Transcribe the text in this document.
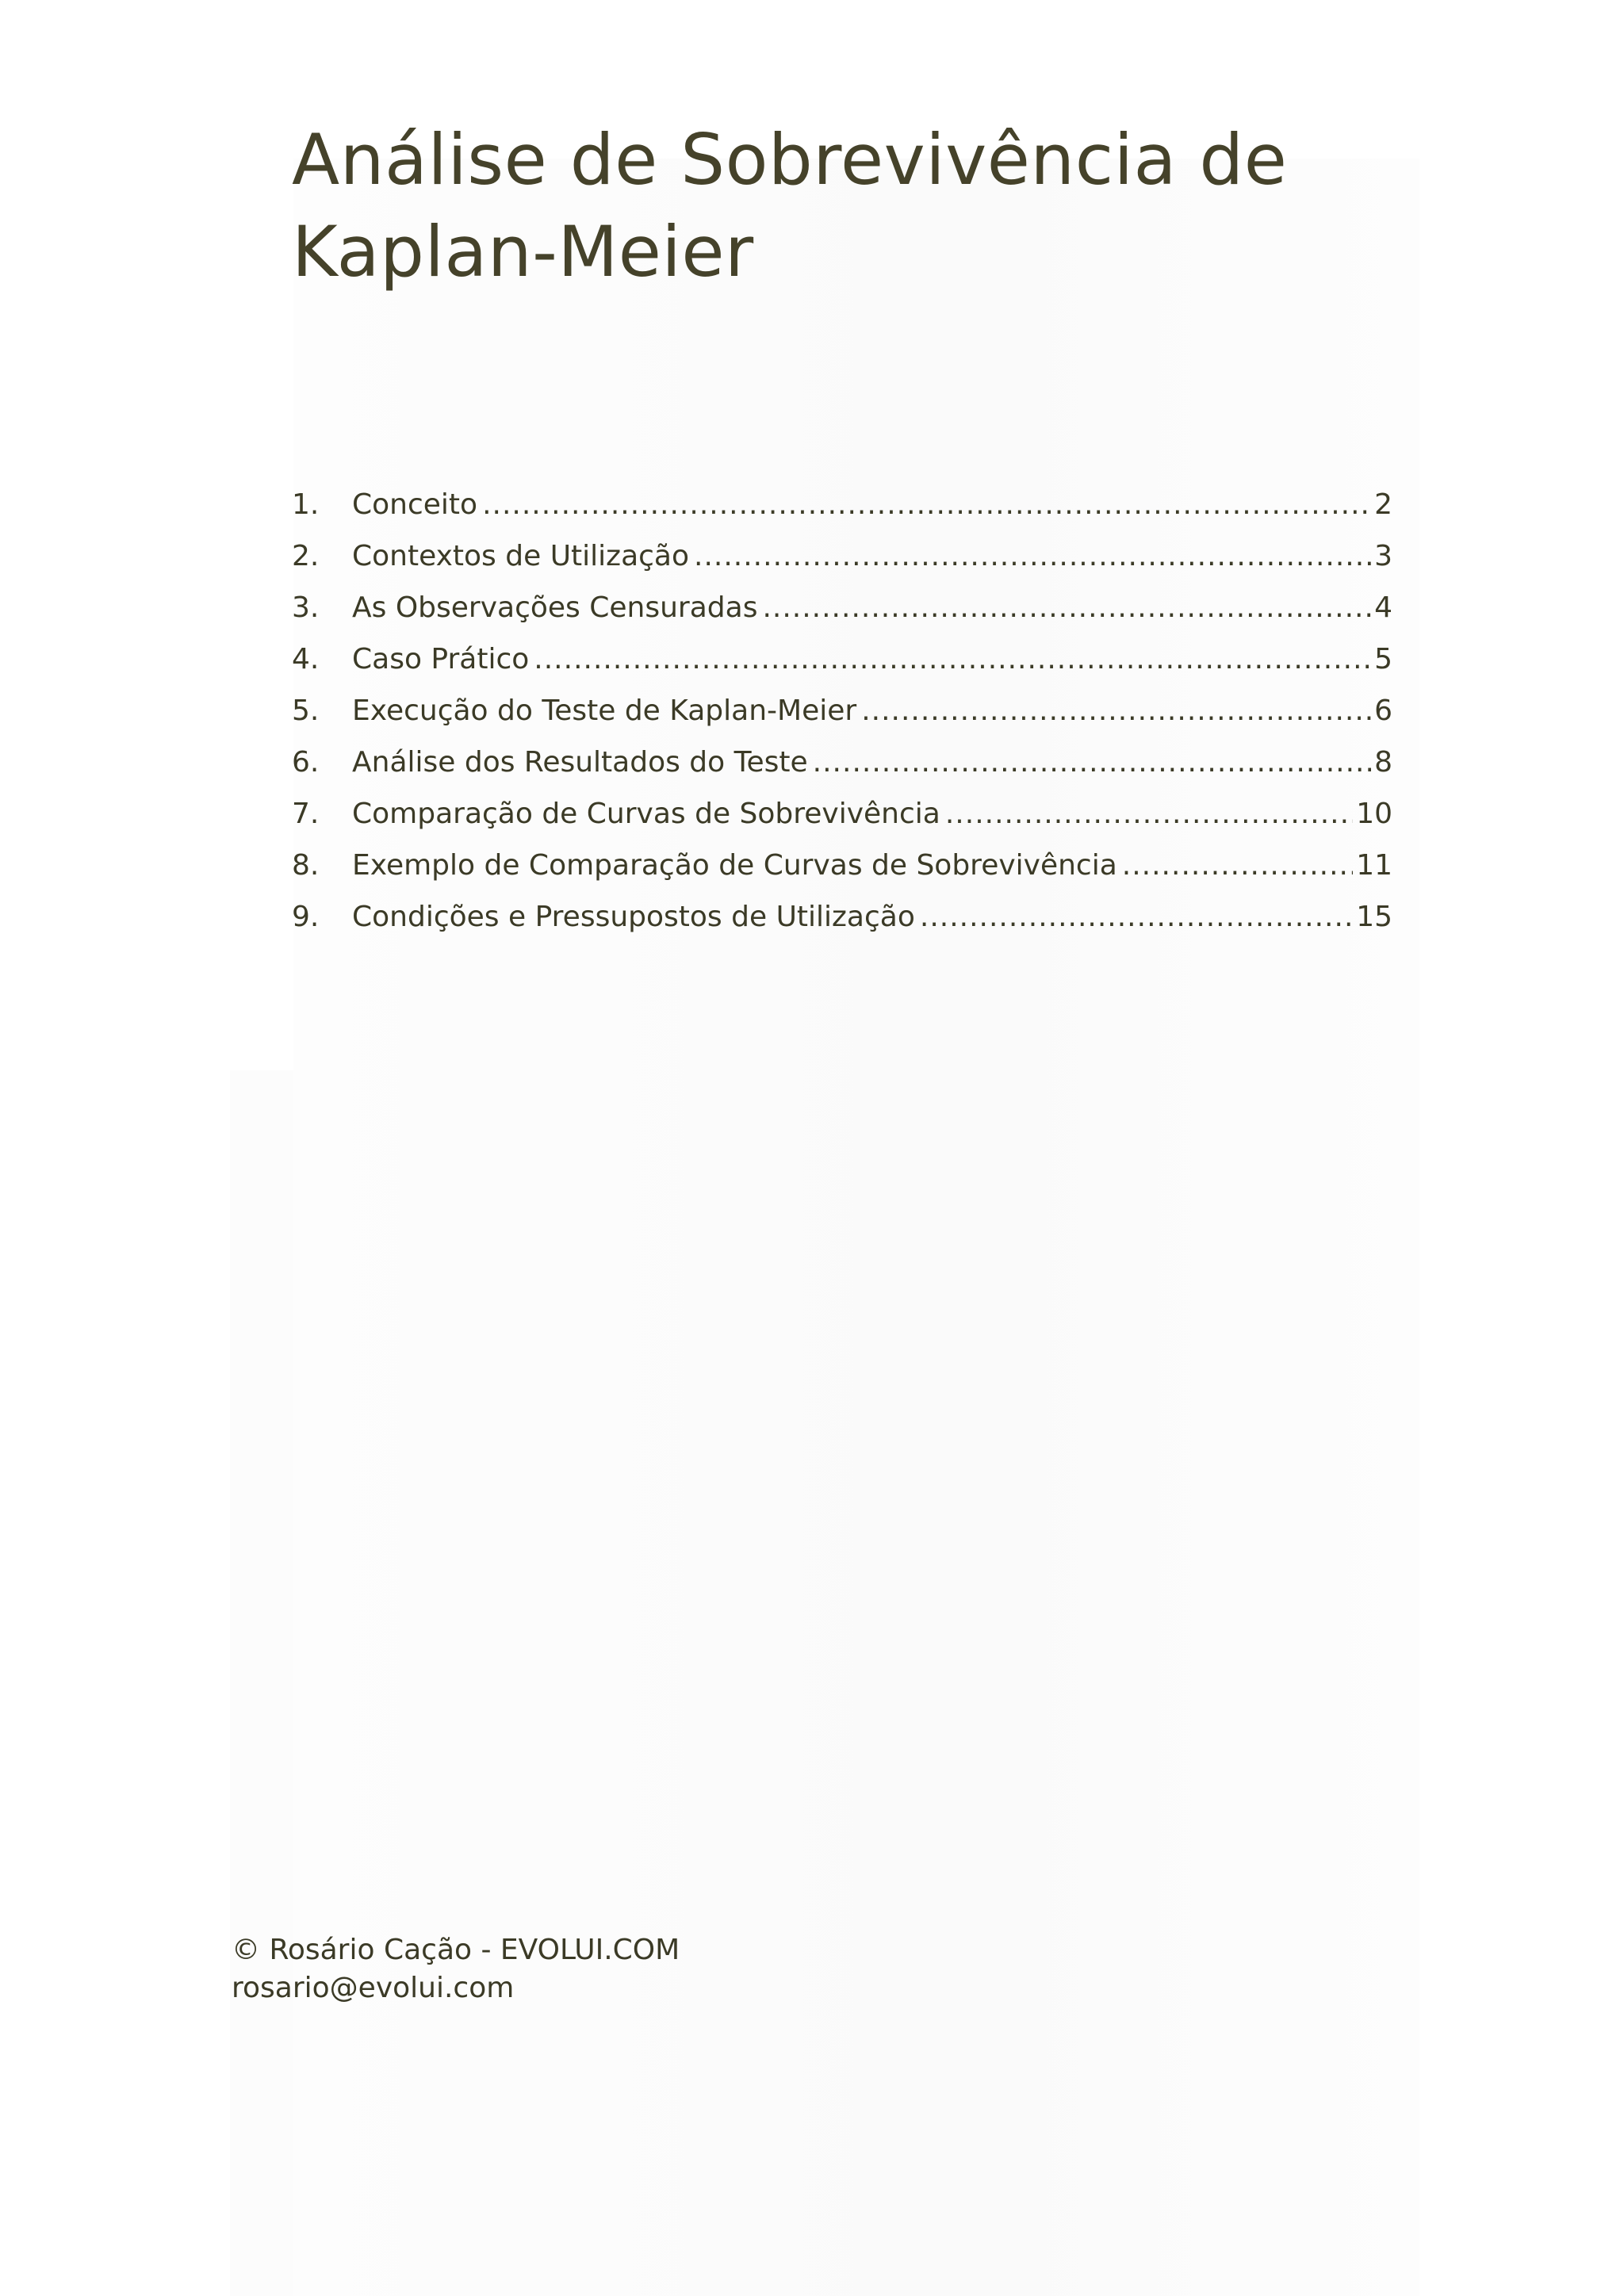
Análise de Sobrevivência de Kaplan-Meier
1.	Conceito .....	2
2.	Contextos de Utilização .....	3
3.	As Observações Censuradas .....	4
4.	Caso Prático .....	5
5.	Execução do Teste de Kaplan-Meier .....	6
6.	Análise dos Resultados do Teste .....	8
7.	Comparação de Curvas de Sobrevivência .....	10
8.	Exemplo de Comparação de Curvas de Sobrevivência .....	11
9.	Condições e Pressupostos de Utilização .....	15
© Rosário Cação - EVOLUI.COM
rosario@evolui.com
